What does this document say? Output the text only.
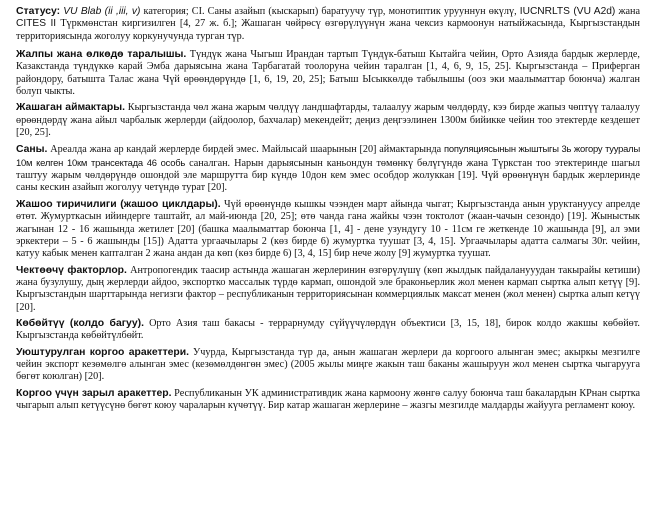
Статусу: VU Blab (ii ,iii, v) категория; CI. Саны азайып (кыскарып) баратуучу түр, монотиптик урууннун өкүлү, IUCNRLTS (VU A2d) жана CITES II Түркмөнстан киргизилген [4, 27 ж. б.]; Жашаган чөйрөсү өзгөрүлүүнүн жана чексиз кармоонун натыйжасында, Кыргызстандын территориясында жоголуу коркунучунда турган түр.

Жалпы жана өлкөдө таралышы. Түндүк жана Чыгыш Ирандан тартып Түндүк-батыш Кытайга чейин, Орто Азияда бардык жерлерде, Казакстанда түндүккө карай Эмба дарыясына жана Тарбагатай тоолоруна чейин таралган [1, 4, 6, 9, 15, 25]. Кыргызстанда – Приферган райондору, батышта Талас жана Чүй өрөөндөрүндө [1, 6, 19, 20, 25]; Батыш Ысыккөлдө табылышы (оoз эки маалыматтар боюнча) жалган болуп чыкты.

Жашаган аймактары. Кыргызстанда чөл жана жарым чөлдүү ландшафтарды, талаалуу жарым чөлдөрдү, кээ бирде жапыз чөптүү талаалуу өрөөндөрдү жана айыл чарбалык жерлерди (айдоолор, бахчалар) мекендейт; деңиз деңгээлинен 1300м бийикке чейин тоо этектерде кездешет [20, 25].

Саны. Ареалда жана ар кандай жерлерде бирдей эмес. Майлысай шаарынын [20] аймактарында популяциясынын жыштыгы 3ь жогору тууралы 10м келген 10км трансектада 46 особь саналган. Нарын дарыясынын каньондун төмөнкү бөлүгүндө жана Түркстан тоо этектеринде шагыл таштуу жарым чөлдөрүндө ошондой эле маршрутта бир күндө 10дон кем эмес особдор жолуккан [19]. Чүй өрөөнүнүн бардык жерлеринде саны кескин азайып жоголуу четүндө турат [20].

Жашоо тиричилиги (жашоо циклдары). Чүй өрөөнүндө кышкы чээнден март айында чыгат; Кыргызстанда анын уруктануусу апрелде өтөт. Жумурткасын ийиндерге таштайт, ал май-июнда [20, 25]; өтө чанда гана жайкы чээн токтолот (жаан-чачын сезондо) [19]. Жыныстык жагынан 12 - 16 жашында жетилет [20] (башка маалыматтар боюнча [1, 4] - дене узундугу 10 - 11см ге жеткенде 10 жашында [9], ал эми эркектери – 5 - 6 жашынды [15]) Адатта ургаачылары 2 (көз бирде 6) жумуртка туушат [3, 4, 15]. Ургаачылары адатта салмагы 30г. чейин, катуу кабык менен капталган 2 жана андан да көп (көз бирде 6) [3, 4, 15] бир нече жолу [9] жумуртка туушат.

Чектөөчү факторлор. Антропогендик таасир астында жашаган жерлеринин өзгөрүлүшү (көп жылдык пайдаланууудан такырайы кетиши) жана бузулушу, дың жерлерди айдоо, экспортко массалык түрдө кармап, ошондой эле браконьерлик жол менен кармап сыртка алып кетүү [9]. Кыргызстандын шарттарында негизги фактор – республиканын территориясынан коммерциялык максат менен (жол менен) сыртка алып кетүү [20].

Көбөйтүү (колдо багуу). Орто Азия таш бакасы - террарнумду сүйүүчүлөрдүн объектиси [3, 15, 18], бирок колдо жакшы көбөйөт. Кыргызстанда көбөйтүлбөйт.

Уюштурулган коргоо аракеттери. Учурда, Кыргызстанда түр да, анын жашаган жерлери да коргоого алынган эмес; акыркы мезгилге чейин экспорт кезөмөлгө алынган эмес (кезөмөлдөнгөн эмес) (2005 жылы миңге жакын таш баканы жашыруун жол менен сыртка чыгарууга бөгөт коюлган) [20].

Коргоо үчүн зарыл аракеттер. Республиканын УК административдик жана кармоону жөнгө салуу боюнча таш бакалардын КРнан сыртка чыгарып алып кетүүсүнө бөгөт коюу чараларын күчөтүү. Бир катар жашаган жерлерине – жазгы мезгилде малдарды жайууга регламент коюу.
